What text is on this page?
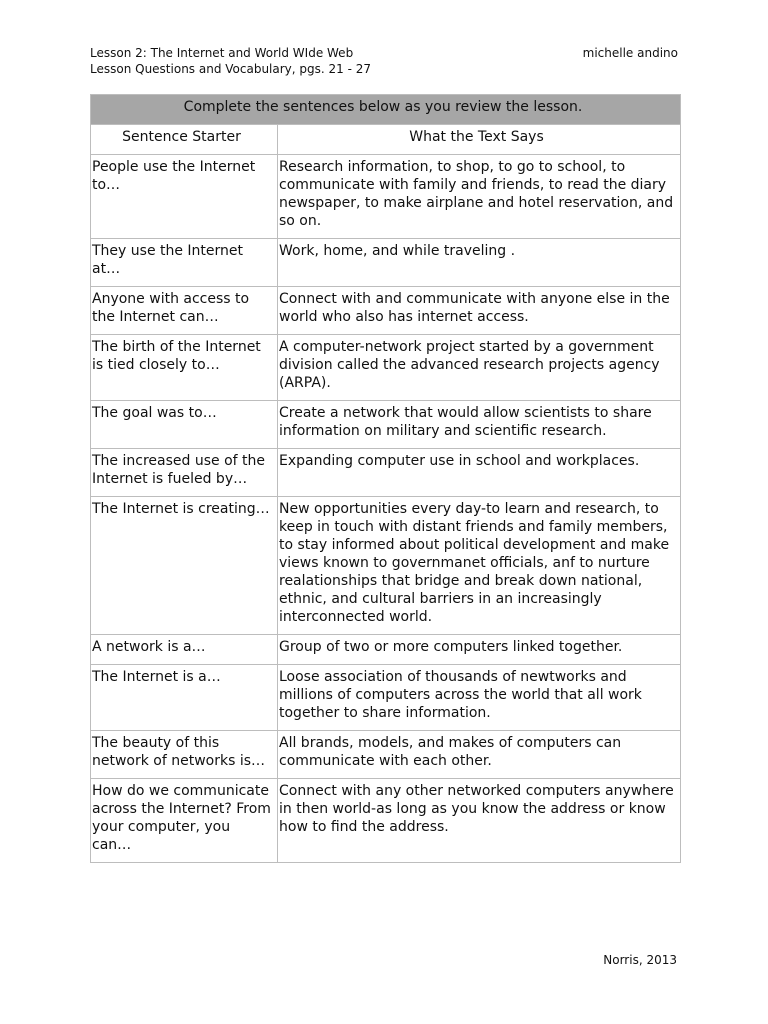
Lesson 2: The Internet and World WIde Web
Lesson Questions and Vocabulary, pgs. 21 - 27
michelle andino
Complete the sentences below as you review the lesson.	
Sentence Starter	What the Text Says
People use the Internet to…	Research information, to shop, to go to school, to communicate with family and friends, to read the diary newspaper, to make airplane and hotel reservation, and so on.
They use the Internet at…	Work, home, and while traveling .
Anyone with access to the Internet can…	Connect with and communicate with anyone else in the world who also has internet access.
The birth of the Internet is tied closely to…	A computer-network project started by a government division called the advanced research projects agency (ARPA).
The goal was to…	Create a network that would allow scientists to share information on military and scientific research.
The increased use of the Internet is fueled by…	Expanding computer use in school and workplaces.
The Internet is creating…	New opportunities every day-to learn and research, to keep in touch with distant friends and family members, to stay informed about political development and make views known to governmanet officials, anf to nurture realationships that bridge and break down national, ethnic, and cultural barriers in an increasingly interconnected world.
A network is a…	Group of two or more computers linked together.
The Internet is a…	Loose association of thousands of newtworks and millions of computers across the world that all work together to share information.
The beauty of this network of networks is…	All brands, models, and makes of computers can communicate with each other.
How do we communicate across the Internet? From your computer, you can…	Connect with any other networked computers anywhere in then world-as long as you know the address or know how to find the address.
Norris, 2013
